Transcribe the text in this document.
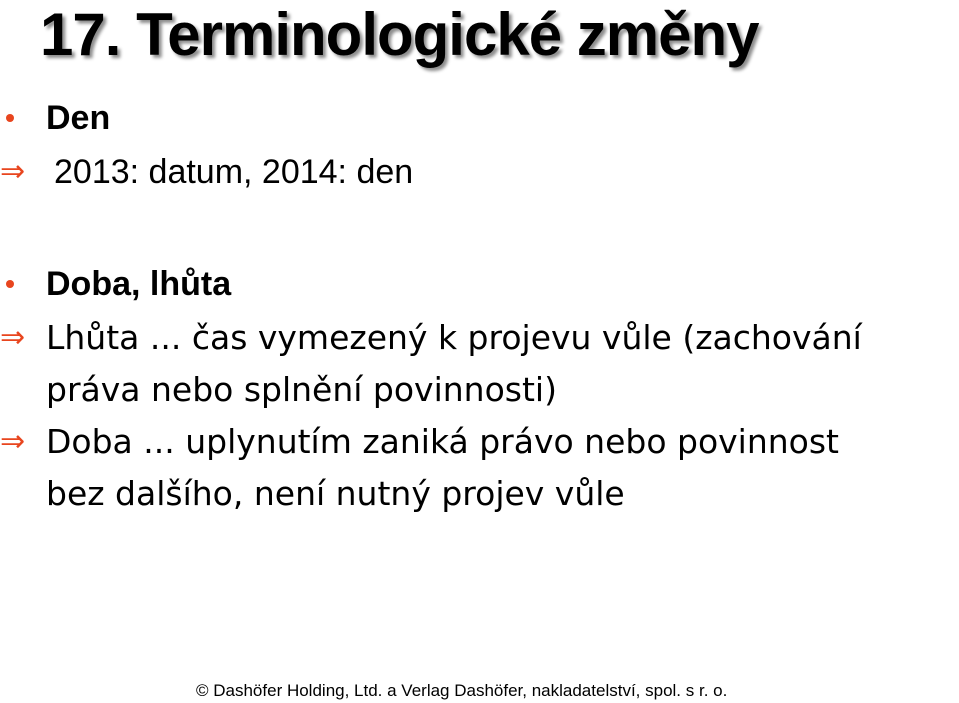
17. Terminologické změny
Den
⇒ 2013: datum, 2014: den
Doba, lhůta
⇒ Lhůta ... čas vymezený k projevu vůle (zachování
práva nebo splnění povinnosti)
⇒ Doba ... uplynutím zaniká právo nebo povinnost
bez dalšího, není nutný projev vůle
© Dashöfer Holding, Ltd. a Verlag Dashöfer, nakladatelství, spol. s r. o.
